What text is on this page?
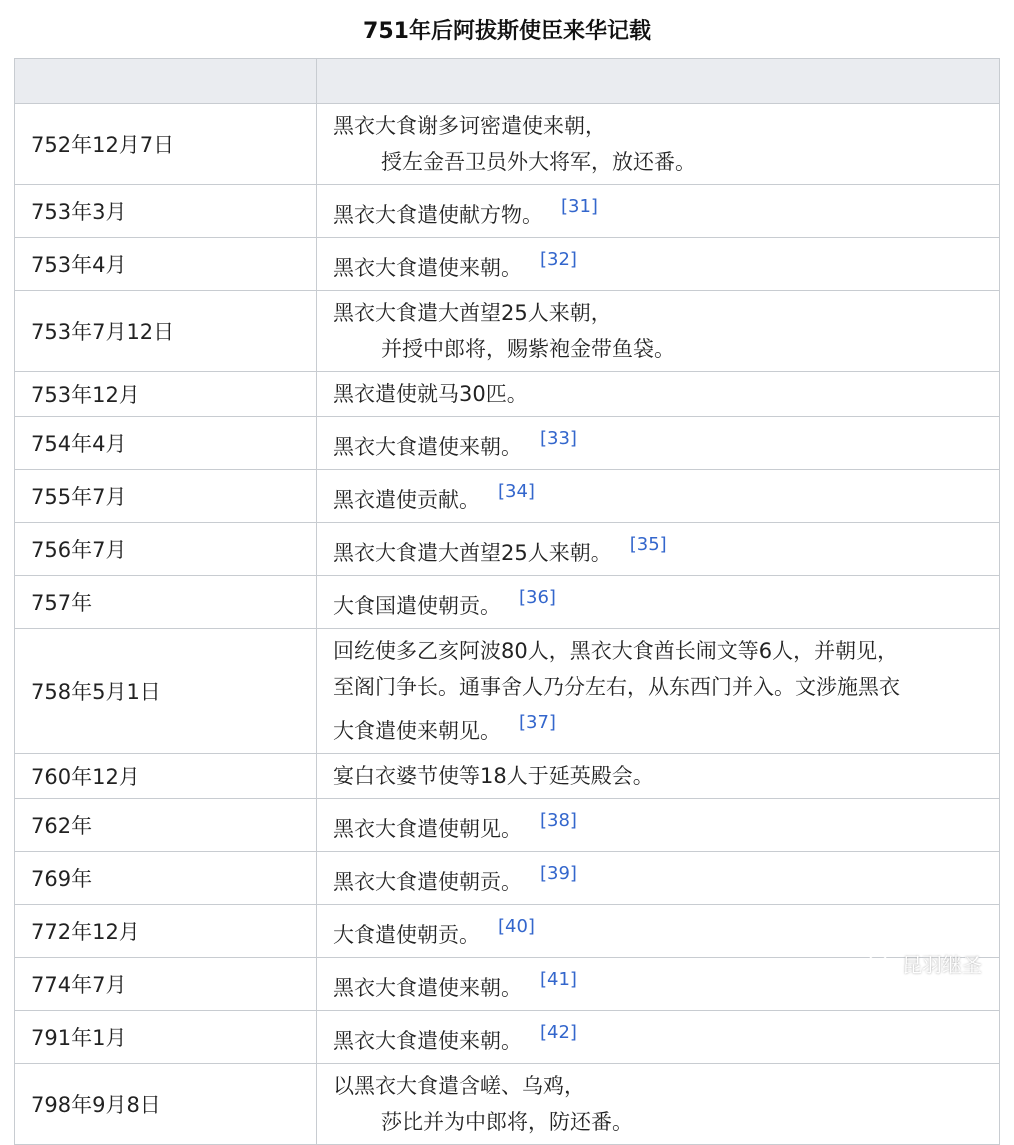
751年后阿拔斯使臣来华记载

752年12月7日	黑衣大食谢多诃密遣使来朝，
授左金吾卫员外大将军，放还番。

753年3月	黑衣大食遣使献方物。 [31]
753年4月	黑衣大食遣使来朝。 [32]
753年7月12日	黑衣大食遣大酋望25人来朝，
并授中郎将，赐紫袍金带鱼袋。

753年12月	黑衣遣使就马30匹。

754年4月	黑衣大食遣使来朝。 [33]
755年7月	黑衣遣使贡献。 [34]
756年7月	黑衣大食遣大酋望25人来朝。 [35]
757年	大食国遣使朝贡。 [36]
758年5月1日	回纥使多乙亥阿波80人，黑衣大食酋长闹文等6人，并朝见，
至阁门争长。通事舍人乃分左右，从东西门并入。文涉施黑衣
大食遣使来朝见。 [37]
760年12月	宴白衣婆节使等18人于延英殿会。

762年	黑衣大食遣使朝见。 [38]
769年	黑衣大食遣使朝贡。 [39]
772年12月	大食遣使朝贡。 [40]
774年7月	黑衣大食遣使来朝。 [41]
791年1月	黑衣大食遣使来朝。 [42]
798年9月8日	以黑衣大食遣含嵯、乌鸡，
莎比并为中郎将，防还番。
昆羽继圣
